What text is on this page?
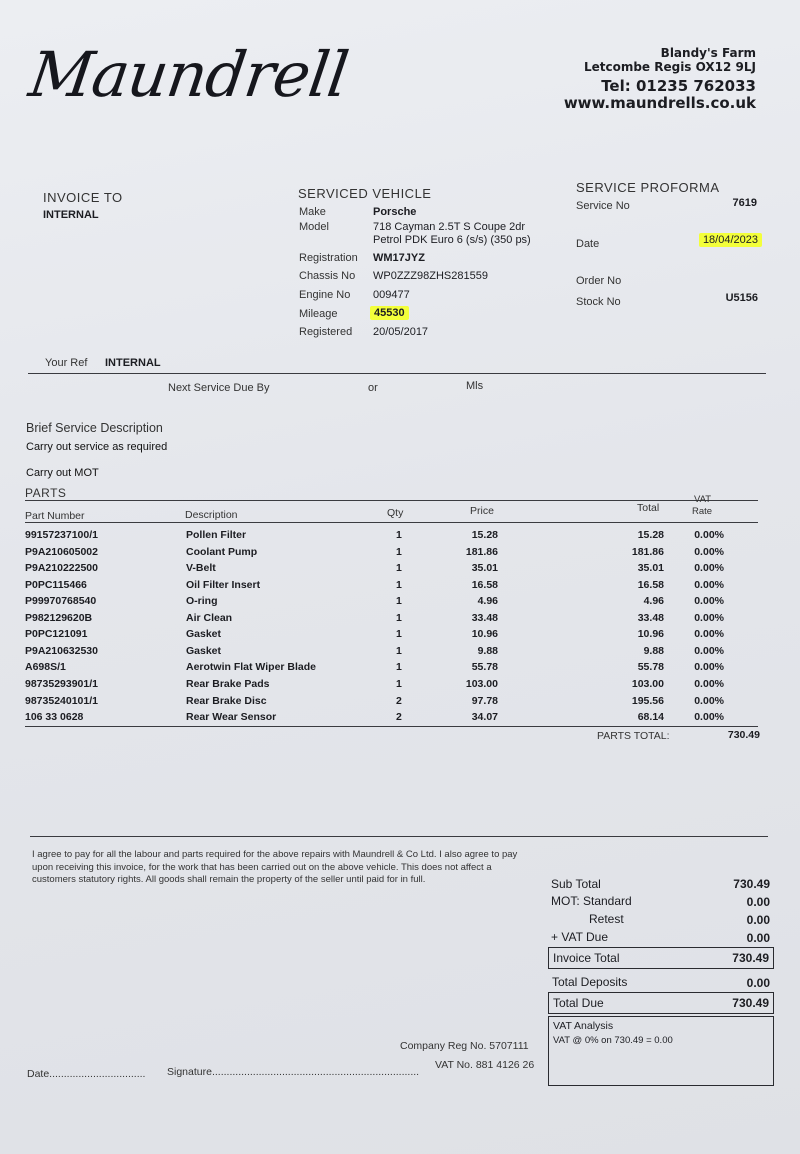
Maundrell	Blandy's Farm
Letcombe Regis OX12 9LJ
Tel: 01235 762033
www.maundrells.co.uk
INVOICE TO
INTERNAL
SERVICED VEHICLE
Make	Porsche
Model	718 Cayman 2.5T S Coupe 2dr
Petrol PDK Euro 6 (s/s) (350 ps)
Registration WM17JYZ
Chassis No WP0ZZZ98ZHS281559
Engine No 009477
Mileage	45530
Registered 20/05/2017
SERVICE PROFORMA
Service No	7619
Date	18/04/2023
Order No
Stock No	U5156
Your Ref INTERNAL
Next Service Due By	or	Mls
Brief Service Description
Carry out service as required
Carry out MOT
PARTS
Part Number	Description	Qty	Price	Total
VAT
Rate
99157237100/1	Pollen Filter	1	15.28	15.28	0.00%
P9A210605002	Coolant Pump	1	181.86	181.86	0.00%
P9A210222500	V-Belt	1	35.01	35.01	0.00%
P0PC115466	Oil Filter Insert	1	16.58	16.58	0.00%
P99970768540	O-ring	1	4.96	4.96	0.00%
P982129620B	Air Clean	1	33.48	33.48	0.00%
P0PC121091	Gasket	1	10.96	10.96	0.00%
P9A210632530	Gasket	1	9.88	9.88	0.00%
A698S/1	Aerotwin Flat Wiper Blade	1	55.78	55.78	0.00%
98735293901/1	Rear Brake Pads	1	103.00	103.00	0.00%
98735240101/1	Rear Brake Disc	2	97.78	195.56	0.00%
106 33 0628	Rear Wear Sensor	2	34.07	68.14	0.00%
PARTS TOTAL:	730.49
I agree to pay for all the labour and parts required for the above repairs with Maundrell & Co Ltd. I also agree to pay upon receiving this invoice, for the work that has been carried out on the above vehicle. This does not affect a customers statutory rights. All goods shall remain the property of the seller until paid for in full.	Sub Total	730.49
MOT: Standard	0.00
Retest	0.00
+ VAT Due	0.00
Invoice Total	730.49
Total Deposits	0.00
Total Due	730.49
VAT Analysis
VAT @ 0% on 730.49 = 0.00
Company Reg No. 5707111
VAT No. 881 4126 26
Date................................. Signature.......................................................................
